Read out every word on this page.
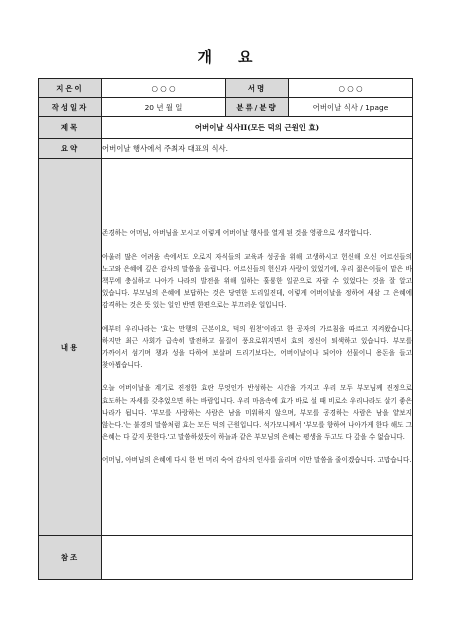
개요
지은이	○ ○ ○	서명	○ ○ ○
작성일자	20 년 월 일	분류/분량	어버이날 식사 / 1page
제목	어버이날 식사II(모든 덕의 근원인 효)		
요약	어버이날 행사에서 주최자 대표의 식사.		
내용	존경하는 어머님, 아버님을 모시고 이렇게 어버이날 행사를 열게 된 것을 영광으로 생각합니다.

아울러 많은 어려움 속에서도 오로지 자식들의 교육과 성공을 위해 고생하시고 헌신해 오신 어르신들의 노고와 은혜에 깊은 감사의 말씀을 올립니다. 어르신들의 헌신과 사랑이 있었기에, 우리 젊은이들이 맡은 바 책무에 충실하고 나아가 나라의 발전을 위해 일하는 훌륭한 일꾼으로 자랄 수 있었다는 것을 잘 알고 있습니다. 부모님의 은혜에 보답하는 것은 당연한 도리일진데, 이렇게 어버이날을 정하여 새삼 그 은혜에 감격하는 것은 뜻 있는 일인 반면 한편으로는 부끄러운 일입니다.

예부터 우리나라는 '효는 만행의 근본이요, 덕의 원천'이라고 한 공자의 가르침을 따르고 지켜왔습니다. 하지만 최근 사회가 급속히 발전하고 물질이 풍요로워지면서 효의 정신이 퇴색하고 있습니다. 부모를 가까이서 섬기며 챙과 성을 다하여 보살펴 드리기보다는, 어버이날이나 되어야 선물이니 용돈을 들고 찾아뵙습니다.

오늘 어버이날을 계기로 진정한 효란 무엇인가 반성하는 시간을 가지고 우리 모두 부모님께 진정으로 효도하는 자세를 갖추었으면 하는 바람입니다. 우리 마음속에 효가 바로 설 때 비로소 우리나라도 살기 좋은 나라가 됩니다. '부모를 사랑하는 사람은 남을 미워하지 않으며, 부모를 공경하는 사람은 남을 얕보지 않는다.'는 불경의 말씀처럼 효는 모든 덕의 근원입니다. 석가모니께서 '부모를 향하여 나아가게 한다 해도 그 은혜는 다 갚지 못한다.'고 말씀하셨듯이 하늘과 같은 부모님의 은혜는 평생을 두고도 다 갚을 수 없습니다.

어머님, 아버님의 은혜에 다시 한 번 머리 숙여 감사의 인사를 올리며 이만 말씀을 줄이겠습니다. 고맙습니다.		

참조			
